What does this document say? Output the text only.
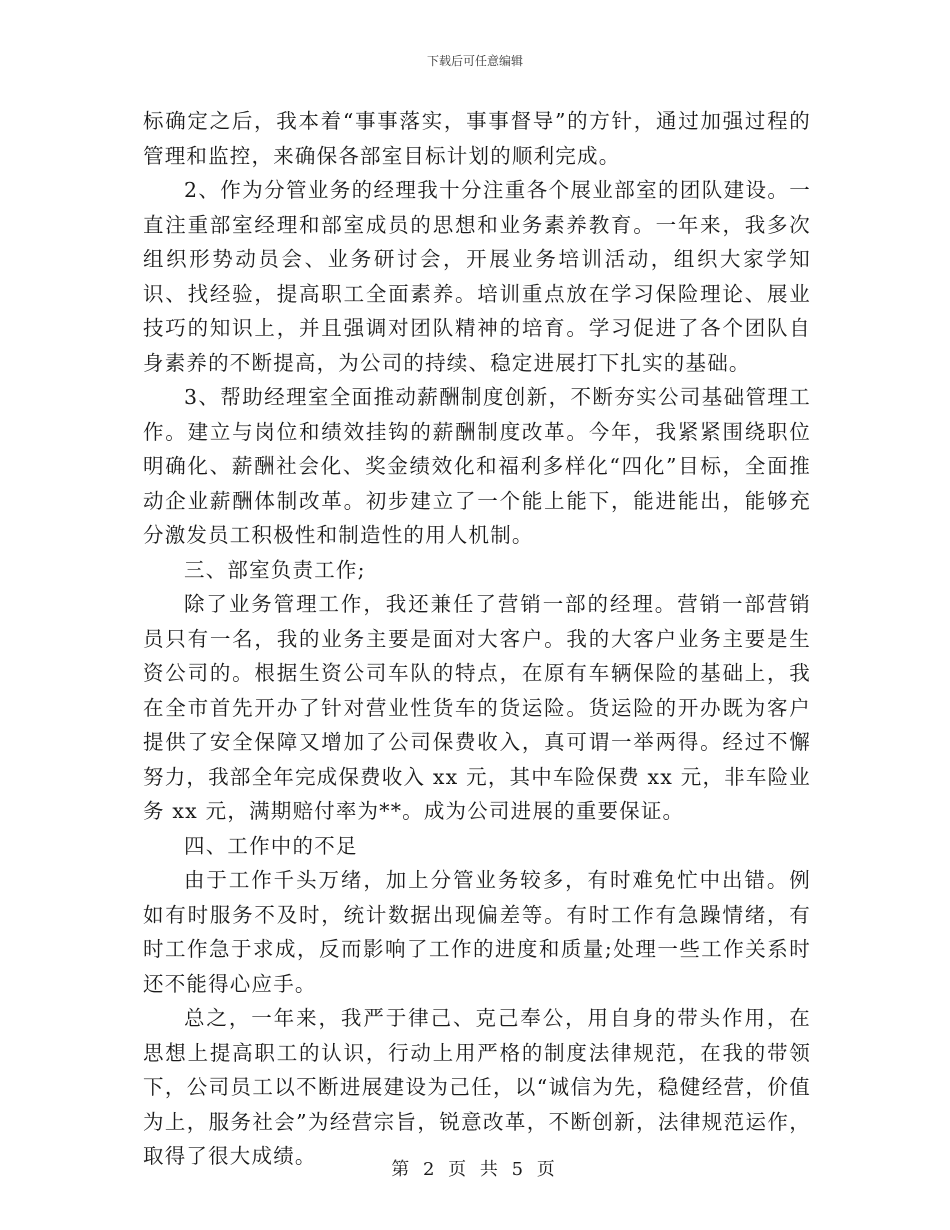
下载后可任意编辑

标确定之后，我本着“事事落实，事事督导”的方针，通过加强过程的管理和监控，来确保各部室目标计划的顺利完成。

2、作为分管业务的经理我十分注重各个展业部室的团队建设。一直注重部室经理和部室成员的思想和业务素养教育。一年来，我多次组织形势动员会、业务研讨会，开展业务培训活动，组织大家学知识、找经验，提高职工全面素养。培训重点放在学习保险理论、展业技巧的知识上，并且强调对团队精神的培育。学习促进了各个团队自身素养的不断提高，为公司的持续、稳定进展打下扎实的基础。

3、帮助经理室全面推动薪酬制度创新，不断夯实公司基础管理工作。建立与岗位和绩效挂钩的薪酬制度改革。今年，我紧紧围绕职位明确化、薪酬社会化、奖金绩效化和福利多样化“四化”目标，全面推动企业薪酬体制改革。初步建立了一个能上能下，能进能出，能够充分激发员工积极性和制造性的用人机制。

三、部室负责工作;

除了业务管理工作，我还兼任了营销一部的经理。营销一部营销员只有一名，我的业务主要是面对大客户。我的大客户业务主要是生资公司的。根据生资公司车队的特点，在原有车辆保险的基础上，我在全市首先开办了针对营业性货车的货运险。货运险的开办既为客户提供了安全保障又增加了公司保费收入，真可谓一举两得。经过不懈努力，我部全年完成保费收入 xx 元，其中车险保费 xx 元，非车险业务 xx 元，满期赔付率为**。成为公司进展的重要保证。

四、工作中的不足

由于工作千头万绪，加上分管业务较多，有时难免忙中出错。例如有时服务不及时，统计数据出现偏差等。有时工作有急躁情绪，有时工作急于求成，反而影响了工作的进度和质量;处理一些工作关系时还不能得心应手。

总之，一年来，我严于律己、克己奉公，用自身的带头作用，在思想上提高职工的认识，行动上用严格的制度法律规范，在我的带领下，公司员工以不断进展建设为己任，以“诚信为先，稳健经营，价值为上，服务社会”为经营宗旨，锐意改革，不断创新，法律规范运作，取得了很大成绩。

第 2 页 共 5 页
